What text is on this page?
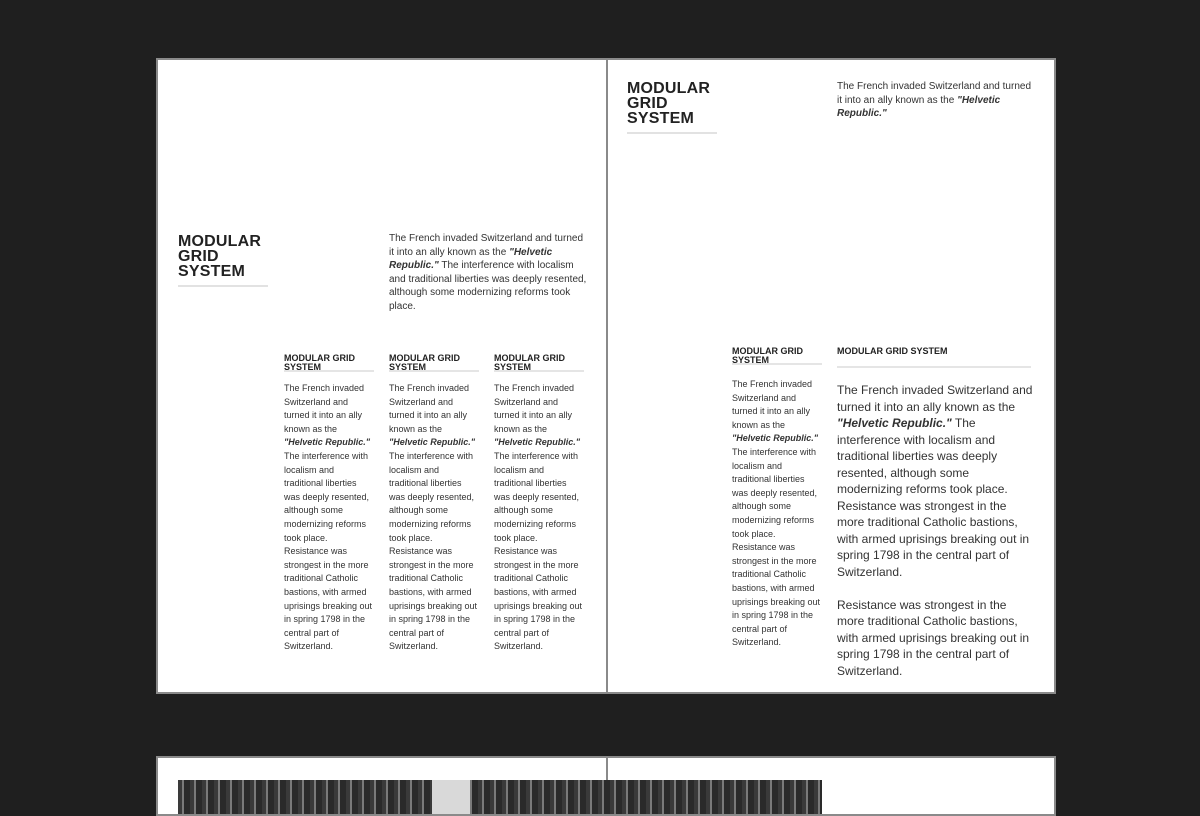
MODULAR
GRID
SYSTEM

The French invaded Switzerland and turned it into an ally known as the "Helvetic Republic." The interference with localism and traditional liberties was deeply resented, although some modernizing reforms took place.

MODULAR GRID SYSTEM

The French invaded Switzerland and turned it into an ally known as the "Helvetic Republic." The interference with localism and traditional liberties was deeply resented, although some modernizing reforms took place. Resistance was strongest in the more traditional Catholic bastions, with armed uprisings breaking out in spring 1798 in the central part of Switzerland.

MODULAR GRID SYSTEM

The French invaded Switzerland and turned it into an ally known as the "Helvetic Republic." The interference with localism and traditional liberties was deeply resented, although some modernizing reforms took place. Resistance was strongest in the more traditional Catholic bastions, with armed uprisings breaking out in spring 1798 in the central part of Switzerland.

MODULAR GRID SYSTEM

The French invaded Switzerland and turned it into an ally known as the "Helvetic Republic." The interference with localism and traditional liberties was deeply resented, although some modernizing reforms took place. Resistance was strongest in the more traditional Catholic bastions, with armed uprisings breaking out in spring 1798 in the central part of Switzerland.

MODULAR
GRID
SYSTEM

The French invaded Switzerland and turned it into an ally known as the "Helvetic Republic."

MODULAR GRID SYSTEM

The French invaded Switzerland and turned it into an ally known as the "Helvetic Republic." The interference with localism and traditional liberties was deeply resented, although some modernizing reforms took place. Resistance was strongest in the more traditional Catholic bastions, with armed uprisings breaking out in spring 1798 in the central part of Switzerland.

MODULAR GRID SYSTEM

The French invaded Switzerland and turned it into an ally known as the "Helvetic Republic." The interference with localism and traditional liberties was deeply resented, although some modernizing reforms took place. Resistance was strongest in the more traditional Catholic bastions, with armed uprisings breaking out in spring 1798 in the central part of Switzerland.

Resistance was strongest in the more traditional Catholic bastions, with armed uprisings breaking out in spring 1798 in the central part of Switzerland.
